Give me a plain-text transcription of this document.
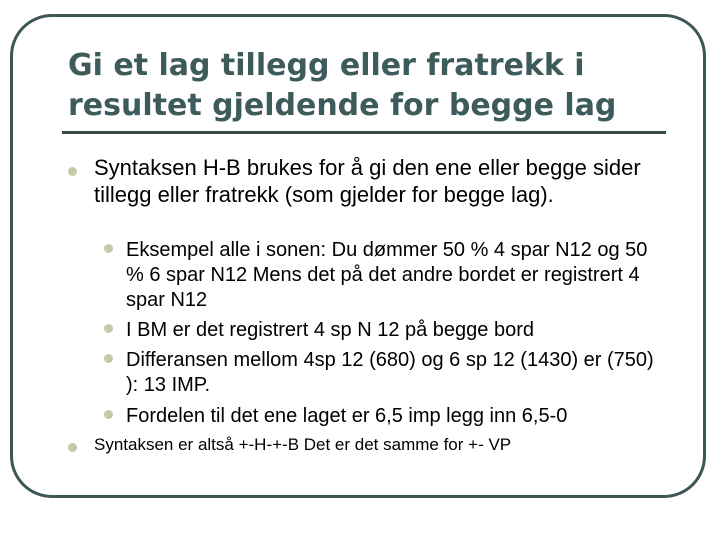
Gi et lag tillegg eller fratrekk i resultet gjeldende for begge lag

Syntaksen H-B brukes for å gi den ene eller begge sider tillegg eller fratrekk (som gjelder for begge lag).

Eksempel alle i sonen: Du dømmer 50 % 4 spar N12 og 50 % 6 spar N12 Mens det på det andre bordet er registrert 4 spar N12

I BM er det registrert 4 sp N 12 på begge bord

Differansen mellom 4sp 12 (680) og 6 sp 12 (1430) er (750) ): 13 IMP.

Fordelen til det ene laget er 6,5 imp legg inn 6,5-0

Syntaksen er altså +-H-+-B Det er det samme for +- VP
